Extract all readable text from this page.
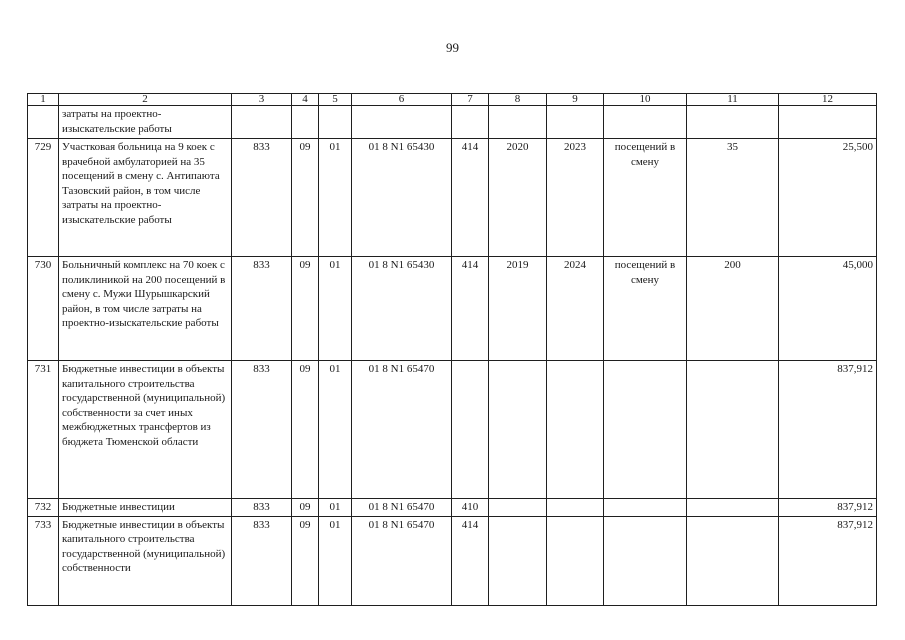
99
1	2	3	4	5	6	7	8	9	10	11	12
	затраты на проектно-изыскательские работы										
729	Участковая больница на 9 коек с врачебной амбулаторией на 35 посещений в смену с. Антипаюта Тазовский район, в том числе затраты на проектно-изыскательские работы	833	09	01	01 8 N1 65430	414	2020	2023	посещений в смену	35	25,500
730	Больничный комплекс на 70 коек с поликлиникой на 200 посещений в смену с. Мужи Шурышкарский район, в том числе затраты на проектно-изыскательские работы	833	09	01	01 8 N1 65430	414	2019	2024	посещений в смену	200	45,000
731	Бюджетные инвестиции в объекты капитального строительства государственной (муниципальной) собственности за счет иных межбюджетных трансфертов из бюджета Тюменской области	833	09	01	01 8 N1 65470						837,912
732	Бюджетные инвестиции	833	09	01	01 8 N1 65470	410					837,912
733	Бюджетные инвестиции в объекты капитального строительства государственной (муниципальной) собственности	833	09	01	01 8 N1 65470	414					837,912
